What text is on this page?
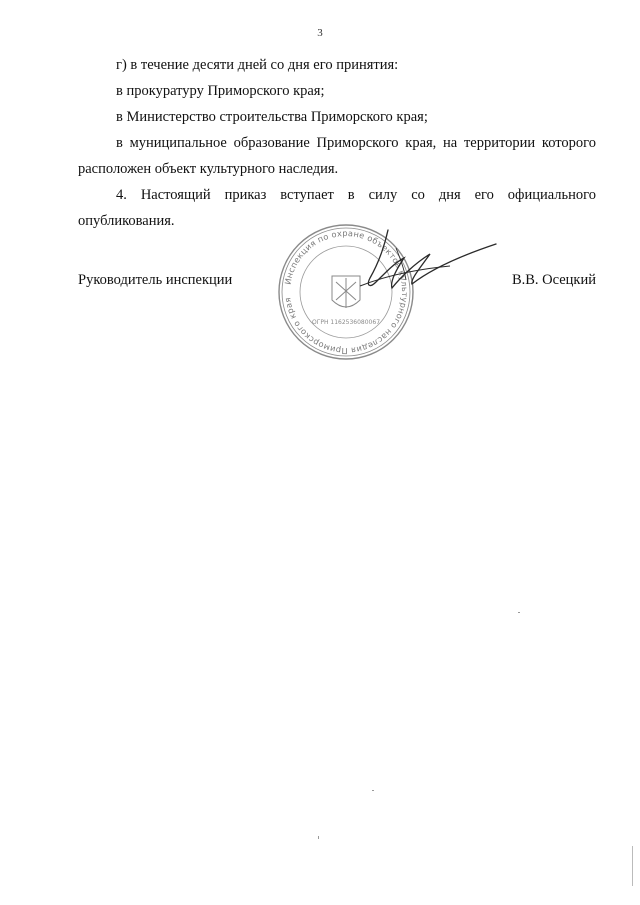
3

г) в течение десяти дней со дня его принятия:

в прокуратуру Приморского края;

в Министерство строительства Приморского края;

в муниципальное образование Приморского края, на территории которого расположен объект культурного наследия.

4. Настоящий приказ вступает в силу со дня его официального опубликования.

Руководитель инспекции	В.В. Осецкий
Инспекция по охране объектов культурного наследия Приморского края
ОГРН 1162536080067
